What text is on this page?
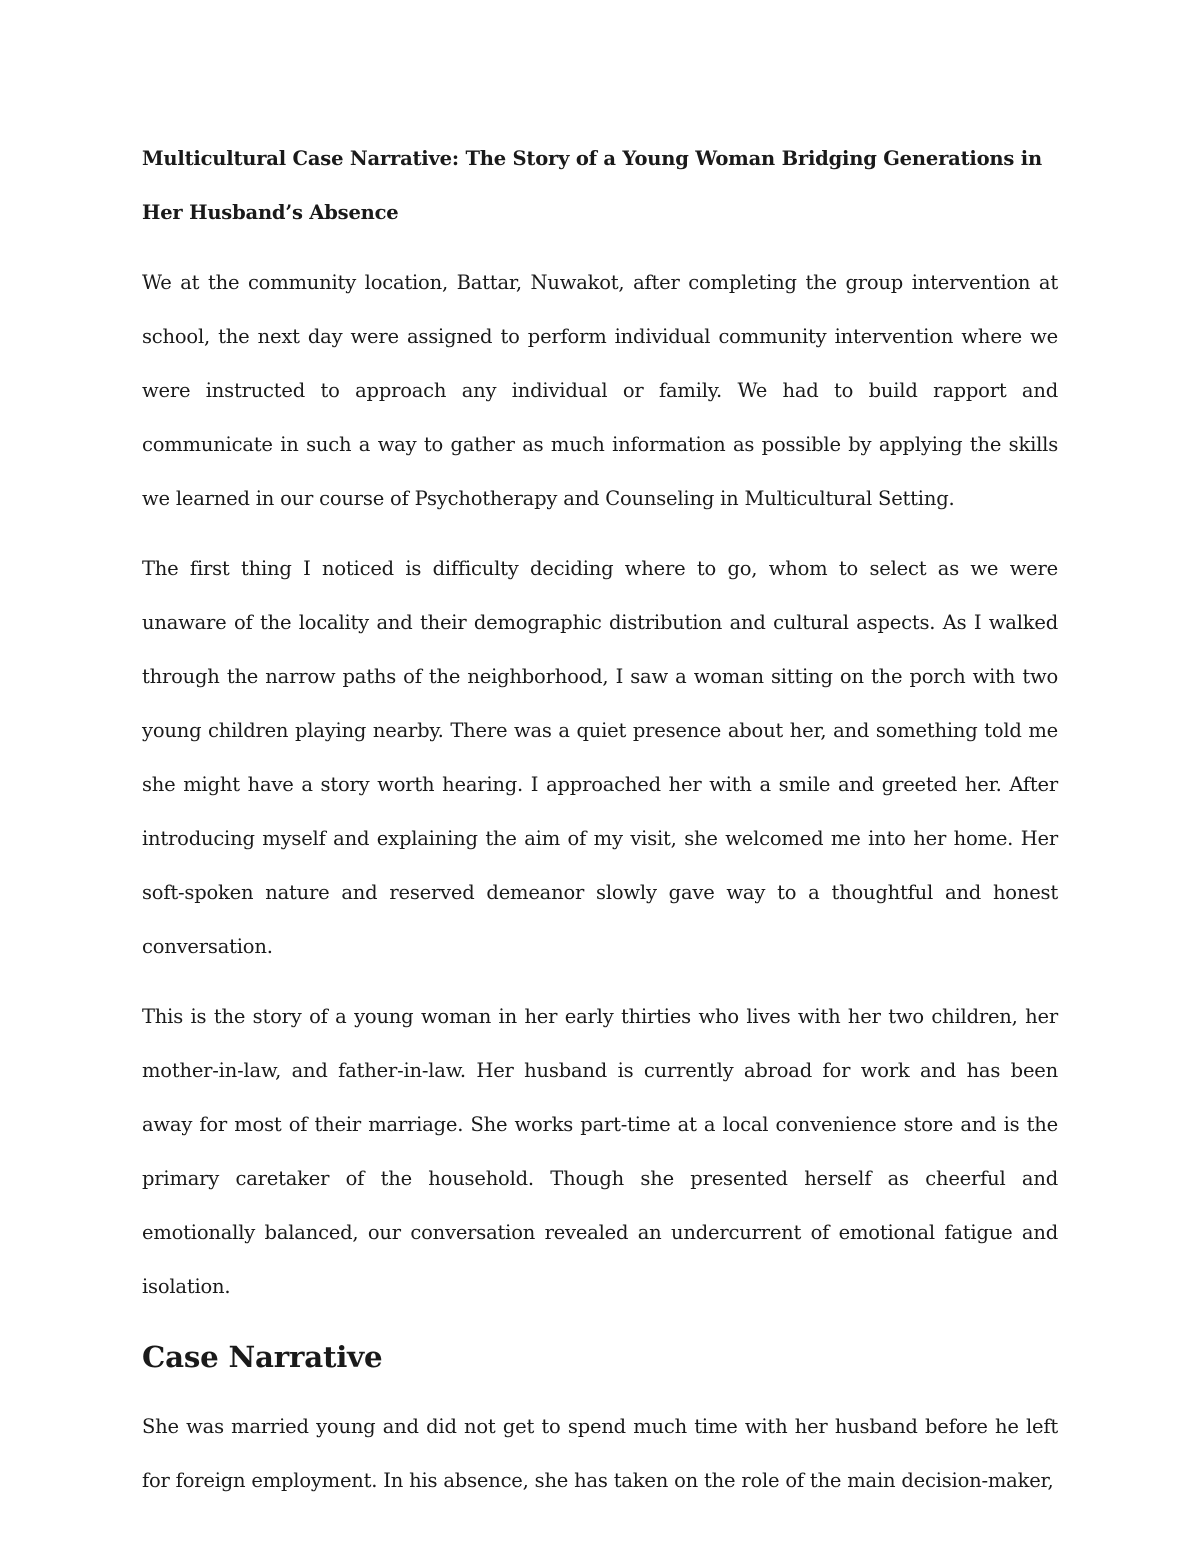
Multicultural Case Narrative: The Story of a Young Woman Bridging Generations in Her Husband’s Absence

We at the community location, Battar, Nuwakot, after completing the group intervention at school, the next day were assigned to perform individual community intervention where we were instructed to approach any individual or family. We had to build rapport and communicate in such a way to gather as much information as possible by applying the skills we learned in our course of Psychotherapy and Counseling in Multicultural Setting.

The first thing I noticed is difficulty deciding where to go, whom to select as we were unaware of the locality and their demographic distribution and cultural aspects. As I walked through the narrow paths of the neighborhood, I saw a woman sitting on the porch with two young children playing nearby. There was a quiet presence about her, and something told me she might have a story worth hearing. I approached her with a smile and greeted her. After introducing myself and explaining the aim of my visit, she welcomed me into her home. Her soft-spoken nature and reserved demeanor slowly gave way to a thoughtful and honest conversation.

This is the story of a young woman in her early thirties who lives with her two children, her mother-in-law, and father-in-law. Her husband is currently abroad for work and has been away for most of their marriage. She works part-time at a local convenience store and is the primary caretaker of the household. Though she presented herself as cheerful and emotionally balanced, our conversation revealed an undercurrent of emotional fatigue and isolation.

Case Narrative

She was married young and did not get to spend much time with her husband before he left for foreign employment. In his absence, she has taken on the role of the main decision-maker,
